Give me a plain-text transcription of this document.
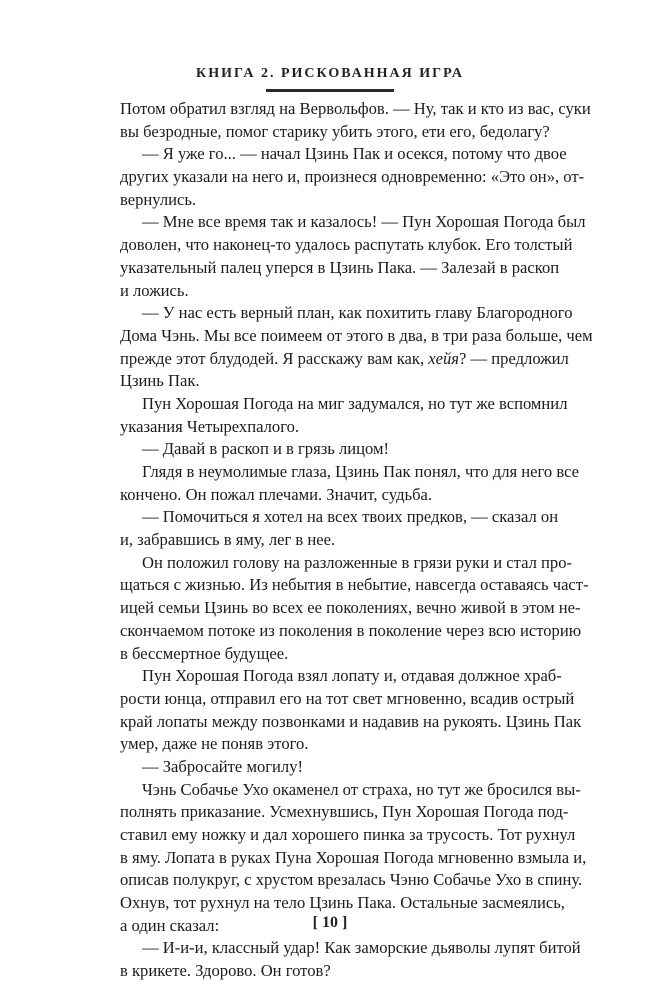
КНИГА 2. РИСКОВАННАЯ ИГРА
Потом обратил взгляд на Вервольфов. — Ну, так и кто из вас, суки
вы безродные, помог старику убить этого, ети его, бедолагу?
— Я уже го... — начал Цзинь Пак и осекся, потому что двое
других указали на него и, произнеся одновременно: «Это он», от-
вернулись.
— Мне все время так и казалось! — Пун Хорошая Погода был
доволен, что наконец-то удалось распутать клубок. Его толстый
указательный палец уперся в Цзинь Пака. — Залезай в раскоп
и ложись.
— У нас есть верный план, как похитить главу Благородного
Дома Чэнь. Мы все поимеем от этого в два, в три раза больше, чем
прежде этот блудодей. Я расскажу вам как, хейя? — предложил
Цзинь Пак.
Пун Хорошая Погода на миг задумался, но тут же вспомнил
указания Четырехпалого.
— Давай в раскоп и в грязь лицом!
Глядя в неумолимые глаза, Цзинь Пак понял, что для него все
кончено. Он пожал плечами. Значит, судьба.
— Помочиться я хотел на всех твоих предков, — сказал он
и, забравшись в яму, лег в нее.
Он положил голову на разложенные в грязи руки и стал про-
щаться с жизнью. Из небытия в небытие, навсегда оставаясь част-
ицей семьи Цзинь во всех ее поколениях, вечно живой в этом не-
скончаемом потоке из поколения в поколение через всю историю
в бессмертное будущее.
Пун Хорошая Погода взял лопату и, отдавая должное храб-
рости юнца, отправил его на тот свет мгновенно, всадив острый
край лопаты между позвонками и надавив на рукоять. Цзинь Пак
умер, даже не поняв этого.
— Забросайте могилу!
Чэнь Собачье Ухо окаменел от страха, но тут же бросился вы-
полнять приказание. Усмехнувшись, Пун Хорошая Погода под-
ставил ему ножку и дал хорошего пинка за трусость. Тот рухнул
в яму. Лопата в руках Пуна Хорошая Погода мгновенно взмыла и,
описав полукруг, с хрустом врезалась Чэню Собачье Ухо в спину.
Охнув, тот рухнул на тело Цзинь Пака. Остальные засмеялись,
а один сказал:
— И-и-и, классный удар! Как заморские дьяволы лупят битой
в крикете. Здорово. Он готов?
[ 10 ]
